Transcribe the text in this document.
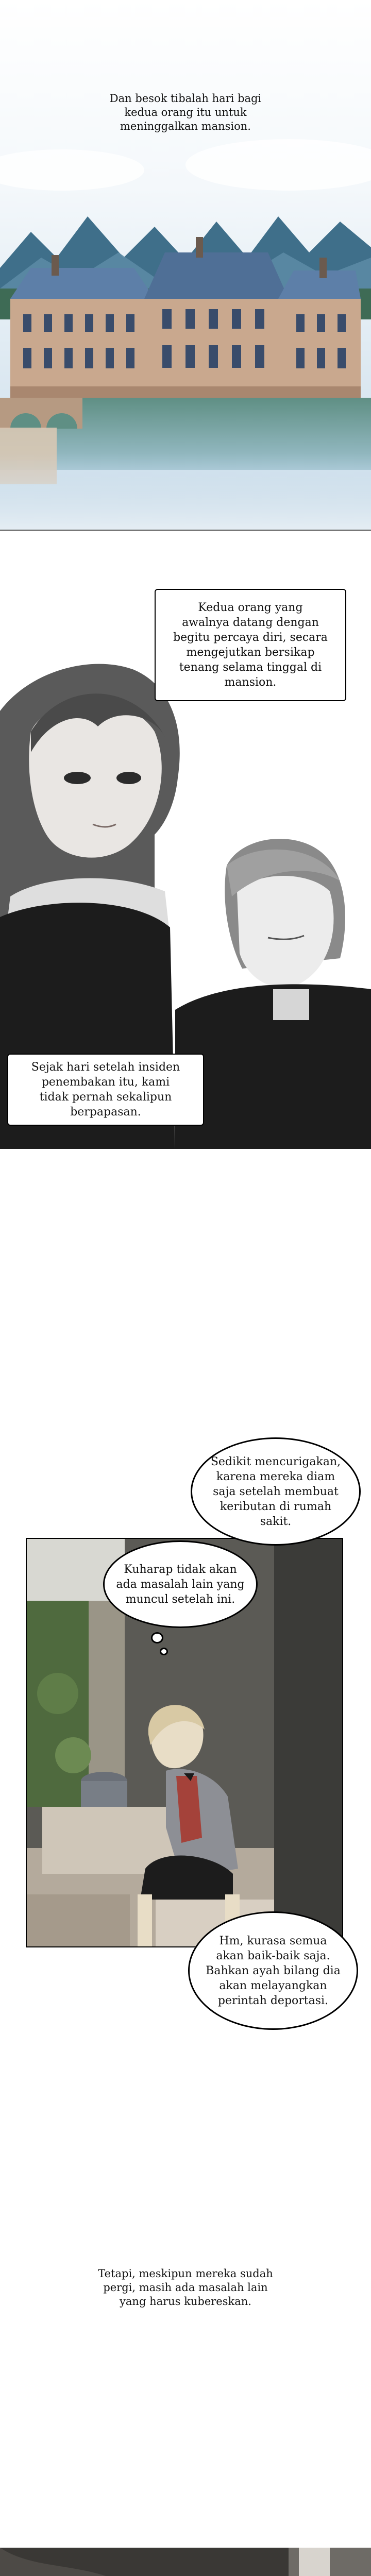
Dan besok tibalah hari bagi
kedua orang itu untuk
meninggalkan mansion.
Kedua orang yang
awalnya datang dengan
begitu percaya diri, secara
mengejutkan bersikap
tenang selama tinggal di
mansion.
Sejak hari setelah insiden
penembakan itu, kami
tidak pernah sekalipun
berpapasan.
Sedikit mencurigakan,
karena mereka diam
saja setelah membuat
keributan di rumah
sakit.
Kuharap tidak akan
ada masalah lain yang
muncul setelah ini.
Hm, kurasa semua
akan baik-baik saja.
Bahkan ayah bilang dia
akan melayangkan
perintah deportasi.
Tetapi, meskipun mereka sudah
pergi, masih ada masalah lain
yang harus kubereskan.
